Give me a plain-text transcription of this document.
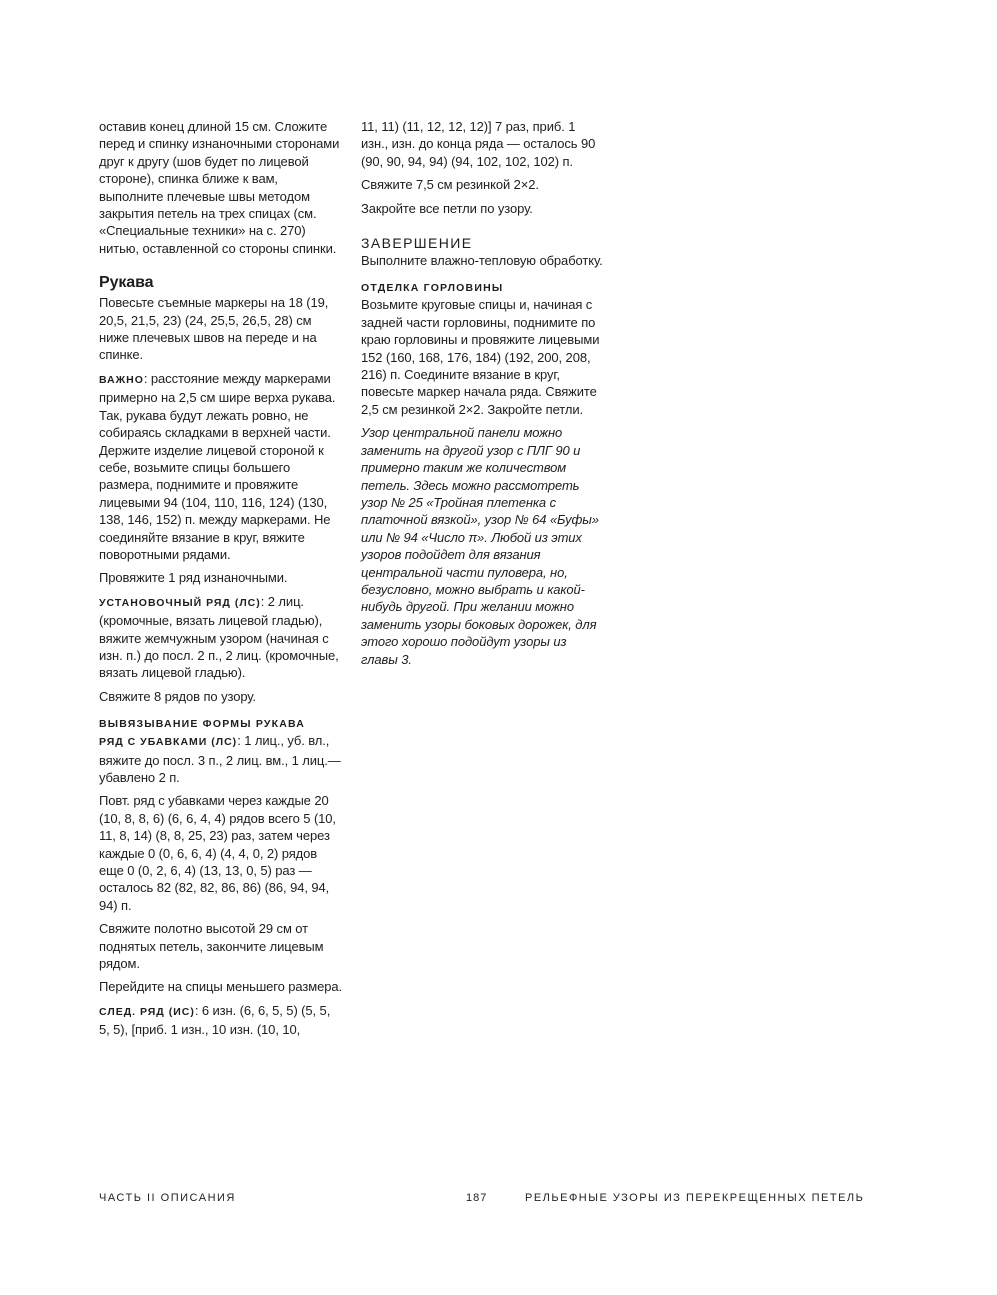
оставив конец длиной 15 см. Сложите перед и спинку изнаночными сторонами друг к другу (шов будет по лицевой стороне), спинка ближе к вам, выполните плечевые швы методом закрытия петель на трех спицах (см. «Специальные техники» на с. 270) нитью, оставленной со стороны спинки.

Рукава

Повесьте съемные маркеры на 18 (19, 20,5, 21,5, 23) (24, 25,5, 26,5, 28) см ниже плечевых швов на переде и на спинке.

ВАЖНО: расстояние между маркерами примерно на 2,5 см шире верха рукава. Так, рукава будут лежать ровно, не собираясь складками в верхней части. Держите изделие лицевой стороной к себе, возьмите спицы большего размера, поднимите и провяжите лицевыми 94 (104, 110, 116, 124) (130, 138, 146, 152) п. между маркерами. Не соединяйте вязание в круг, вяжите поворотными рядами.

Провяжите 1 ряд изнаночными.

УСТАНОВОЧНЫЙ РЯД (ЛС): 2 лиц. (кромочные, вязать лицевой гладью), вяжите жемчужным узором (начиная с изн. п.) до посл. 2 п., 2 лиц. (кромочные, вязать лицевой гладью).

Свяжите 8 рядов по узору.

ВЫВЯЗЫВАНИЕ ФОРМЫ РУКАВА

РЯД С УБАВКАМИ (ЛС): 1 лиц., уб. вл., вяжите до посл. 3 п., 2 лиц. вм., 1 лиц.—убавлено 2 п.

Повт. ряд с убавками через каждые 20 (10, 8, 8, 6) (6, 6, 4, 4) рядов всего 5 (10, 11, 8, 14) (8, 8, 25, 23) раз, затем через каждые 0 (0, 6, 6, 4) (4, 4, 0, 2) рядов еще 0 (0, 2, 6, 4) (13, 13, 0, 5) раз — осталось 82 (82, 82, 86, 86) (86, 94, 94, 94) п.

Свяжите полотно высотой 29 см от поднятых петель, закончите лицевым рядом.

Перейдите на спицы меньшего размера.

СЛЕД. РЯД (ИС): 6 изн. (6, 6, 5, 5) (5, 5, 5, 5), [приб. 1 изн., 10 изн. (10, 10,

11, 11) (11, 12, 12, 12)] 7 раз, приб. 1 изн., изн. до конца ряда — осталось 90 (90, 90, 94, 94) (94, 102, 102, 102) п.

Свяжите 7,5 см резинкой 2×2.

Закройте все петли по узору.

ЗАВЕРШЕНИЕ

Выполните влажно-тепловую обработку.

ОТДЕЛКА ГОРЛОВИНЫ

Возьмите круговые спицы и, начиная с задней части горловины, поднимите по краю горловины и провяжите лицевыми 152 (160, 168, 176, 184) (192, 200, 208, 216) п. Соедините вязание в круг, повесьте маркер начала ряда. Свяжите 2,5 см резинкой 2×2. Закройте петли.

Узор центральной панели можно заменить на другой узор с ПЛГ 90 и примерно таким же количеством петель. Здесь можно рассмотреть узор № 25 «Тройная плетенка с платочной вязкой», узор № 64 «Буфы» или № 94 «Число π». Любой из этих узоров подойдет для вязания центральной части пуловера, но, безусловно, можно выбрать и какой-нибудь другой. При желании можно заменить узоры боковых дорожек, для этого хорошо подойдут узоры из главы 3.

ЧАСТЬ II ОПИСАНИЯ	187	РЕЛЬЕФНЫЕ УЗОРЫ ИЗ ПЕРЕКРЕЩЕННЫХ ПЕТЕЛЬ
